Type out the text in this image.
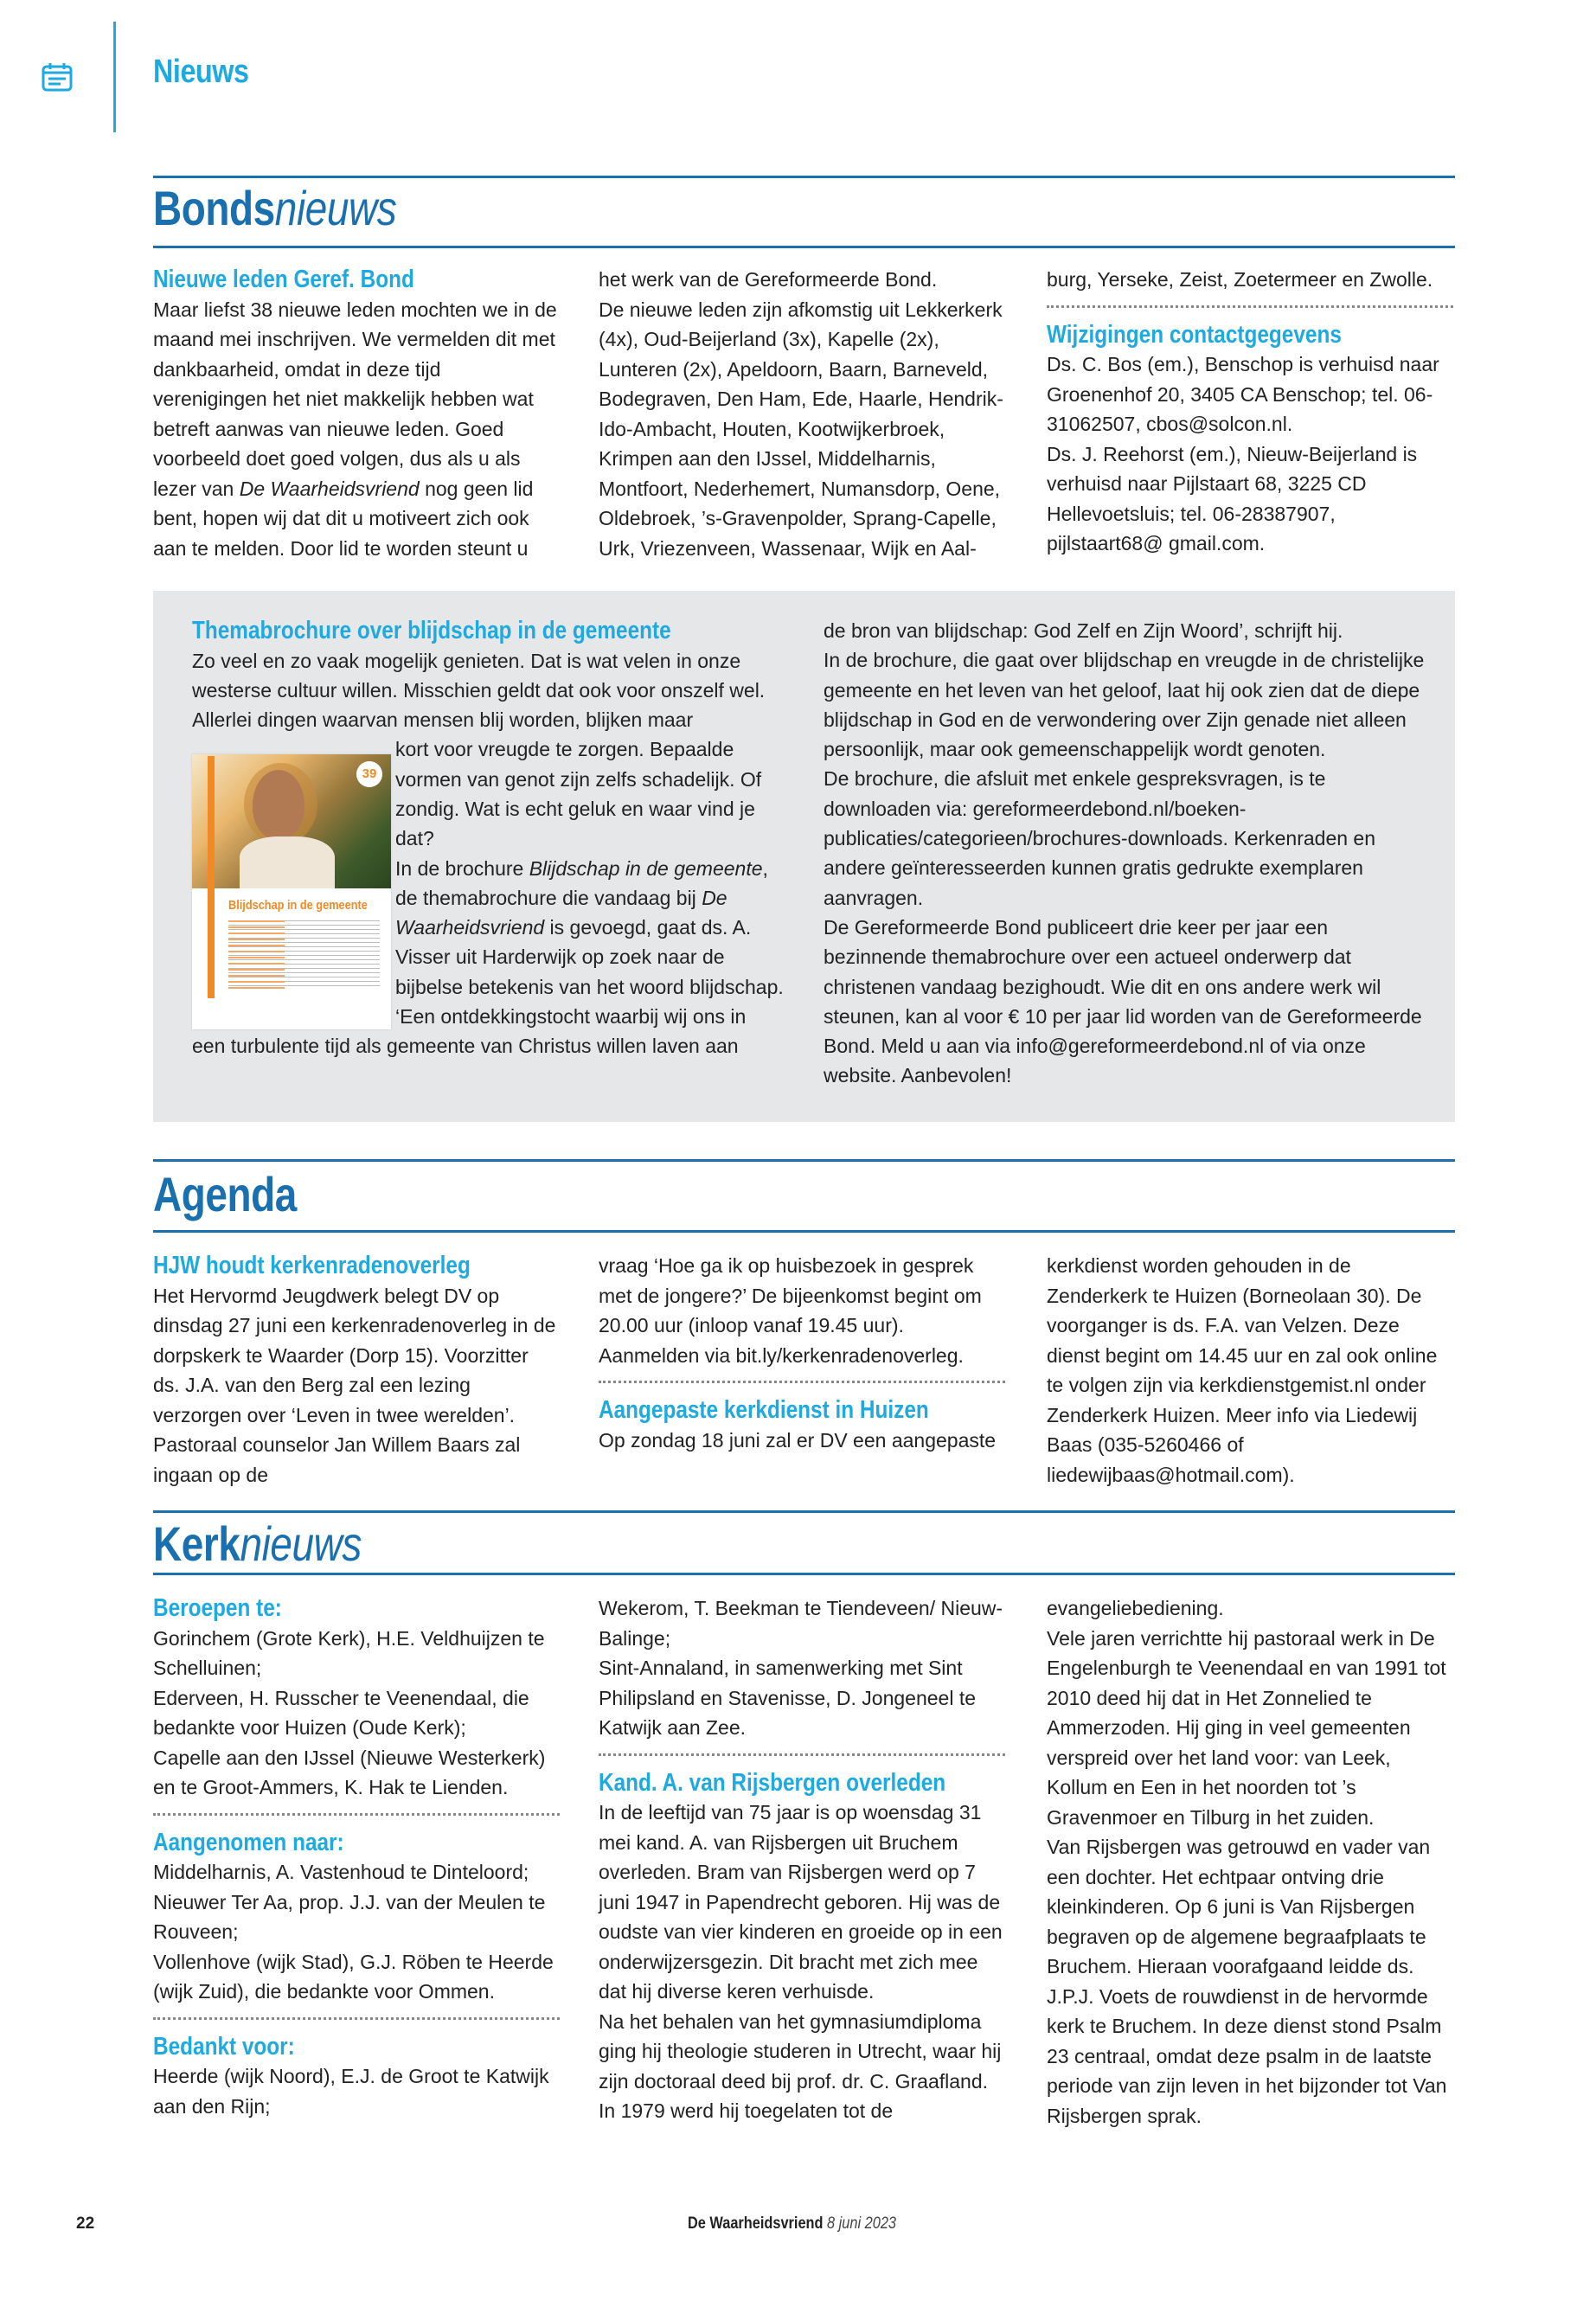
Nieuws
Bondsnieuws
Nieuwe leden Geref. Bond

Maar liefst 38 nieuwe leden mochten we in de maand mei inschrijven. We vermelden dit met dankbaarheid, omdat in deze tijd verenigingen het niet makkelijk hebben wat betreft aanwas van nieuwe leden. Goed voorbeeld doet goed volgen, dus als u als lezer van De Waarheidsvriend nog geen lid bent, hopen wij dat dit u motiveert zich ook aan te melden. Door lid te worden steunt u

het werk van de Gereformeerde Bond.

De nieuwe leden zijn afkomstig uit Lekkerkerk (4x), Oud-Beijerland (3x), Kapelle (2x), Lunteren (2x), Apeldoorn, Baarn, Barneveld, Bodegraven, Den Ham, Ede, Haarle, Hendrik-Ido-Ambacht, Houten, Kootwijkerbroek, Krimpen aan den IJssel, Middelharnis, Montfoort, Nederhemert, Numansdorp, Oene, Oldebroek, ’s-Gravenpolder, Sprang-Capelle, Urk, Vriezenveen, Wassenaar, Wijk en Aal-

burg, Yerseke, Zeist, Zoetermeer en Zwolle.

Wijzigingen contactgegevens

Ds. C. Bos (em.), Benschop is verhuisd naar Groenenhof 20, 3405 CA Benschop; tel. 06-31062507, cbos@solcon.nl.

Ds. J. Reehorst (em.), Nieuw-Beijerland is verhuisd naar Pijlstaart 68, 3225 CD Hellevoetsluis; tel. 06-28387907, pijlstaart68@ gmail.com.

Themabrochure over blijdschap in de gemeente

Zo veel en zo vaak mogelijk genieten. Dat is wat velen in onze westerse cultuur willen. Misschien geldt dat ook voor onszelf wel. Allerlei dingen waarvan mensen blij worden, blijken maar

kort voor vreugde te zorgen. Bepaalde vormen van genot zijn zelfs schadelijk. Of zondig. Wat is echt geluk en waar vind je dat?
In de brochure Blijdschap in de gemeente, de themabrochure die vandaag bij De Waarheidsvriend is gevoegd, gaat ds. A. Visser uit Harderwijk op zoek naar de bijbelse betekenis van het woord blijdschap. ‘Een ontdekkingstocht waarbij wij ons in

een turbulente tijd als gemeente van Christus willen laven aan

39
Blijdschap in de gemeente

de bron van blijdschap: God Zelf en Zijn Woord’, schrijft hij.

In de brochure, die gaat over blijdschap en vreugde in de christelijke gemeente en het leven van het geloof, laat hij ook zien dat de diepe blijdschap in God en de verwondering over Zijn genade niet alleen persoonlijk, maar ook gemeenschappelijk wordt genoten.

De brochure, die afsluit met enkele gespreksvragen, is te downloaden via: gereformeerdebond.nl/boeken-publicaties/categorieen/brochures-downloads. Kerkenraden en andere geïnteresseerden kunnen gratis gedrukte exemplaren aanvragen.

De Gereformeerde Bond publiceert drie keer per jaar een bezinnende themabrochure over een actueel onderwerp dat christenen vandaag bezighoudt. Wie dit en ons andere werk wil steunen, kan al voor € 10 per jaar lid worden van de Gereformeerde Bond. Meld u aan via info@gereformeerdebond.nl of via onze website. Aanbevolen!

Agenda
HJW houdt kerkenradenoverleg

Het Hervormd Jeugdwerk belegt DV op dinsdag 27 juni een kerkenradenoverleg in de dorpskerk te Waarder (Dorp 15). Voorzitter ds. J.A. van den Berg zal een lezing verzorgen over ‘Leven in twee werelden’. Pastoraal counselor Jan Willem Baars zal ingaan op de

vraag ‘Hoe ga ik op huisbezoek in gesprek met de jongere?’ De bijeenkomst begint om 20.00 uur (inloop vanaf 19.45 uur). Aanmelden via bit.ly/kerkenradenoverleg.

Aangepaste kerkdienst in Huizen

Op zondag 18 juni zal er DV een aangepaste

kerkdienst worden gehouden in de Zenderkerk te Huizen (Borneolaan 30). De voorganger is ds. F.A. van Velzen. Deze dienst begint om 14.45 uur en zal ook online te volgen zijn via kerkdienstgemist.nl onder Zenderkerk Huizen. Meer info via Liedewij Baas (035-5260466 of liedewijbaas@hotmail.com).

Kerknieuws
Beroepen te:

Gorinchem (Grote Kerk), H.E. Veldhuijzen te Schelluinen;

Ederveen, H. Russcher te Veenendaal, die bedankte voor Huizen (Oude Kerk);

Capelle aan den IJssel (Nieuwe Westerkerk) en te Groot-Ammers, K. Hak te Lienden.

Aangenomen naar:

Middelharnis, A. Vastenhoud te Dinteloord;

Nieuwer Ter Aa, prop. J.J. van der Meulen te Rouveen;

Vollenhove (wijk Stad), G.J. Röben te Heerde (wijk Zuid), die bedankte voor Ommen.

Bedankt voor:

Heerde (wijk Noord), E.J. de Groot te Katwijk aan den Rijn;

Wekerom, T. Beekman te Tiendeveen/ Nieuw-Balinge;

Sint-Annaland, in samenwerking met Sint Philipsland en Stavenisse, D. Jongeneel te Katwijk aan Zee.

Kand. A. van Rijsbergen overleden

In de leeftijd van 75 jaar is op woensdag 31 mei kand. A. van Rijsbergen uit Bruchem overleden. Bram van Rijsbergen werd op 7 juni 1947 in Papendrecht geboren. Hij was de oudste van vier kinderen en groeide op in een onderwijzersgezin. Dit bracht met zich mee dat hij diverse keren verhuisde.

Na het behalen van het gymnasiumdiploma ging hij theologie studeren in Utrecht, waar hij zijn doctoraal deed bij prof. dr. C. Graafland. In 1979 werd hij toegelaten tot de

evangeliebediening.

Vele jaren verrichtte hij pastoraal werk in De Engelenburgh te Veenendaal en van 1991 tot 2010 deed hij dat in Het Zonnelied te Ammerzoden. Hij ging in veel gemeenten verspreid over het land voor: van Leek, Kollum en Een in het noorden tot ’s Gravenmoer en Tilburg in het zuiden.

Van Rijsbergen was getrouwd en vader van een dochter. Het echtpaar ontving drie kleinkinderen. Op 6 juni is Van Rijsbergen begraven op de algemene begraafplaats te Bruchem. Hieraan voorafgaand leidde ds. J.P.J. Voets de rouwdienst in de hervormde kerk te Bruchem. In deze dienst stond Psalm 23 centraal, omdat deze psalm in de laatste periode van zijn leven in het bijzonder tot Van Rijsbergen sprak.

22	De Waarheidsvriend 8 juni 2023
